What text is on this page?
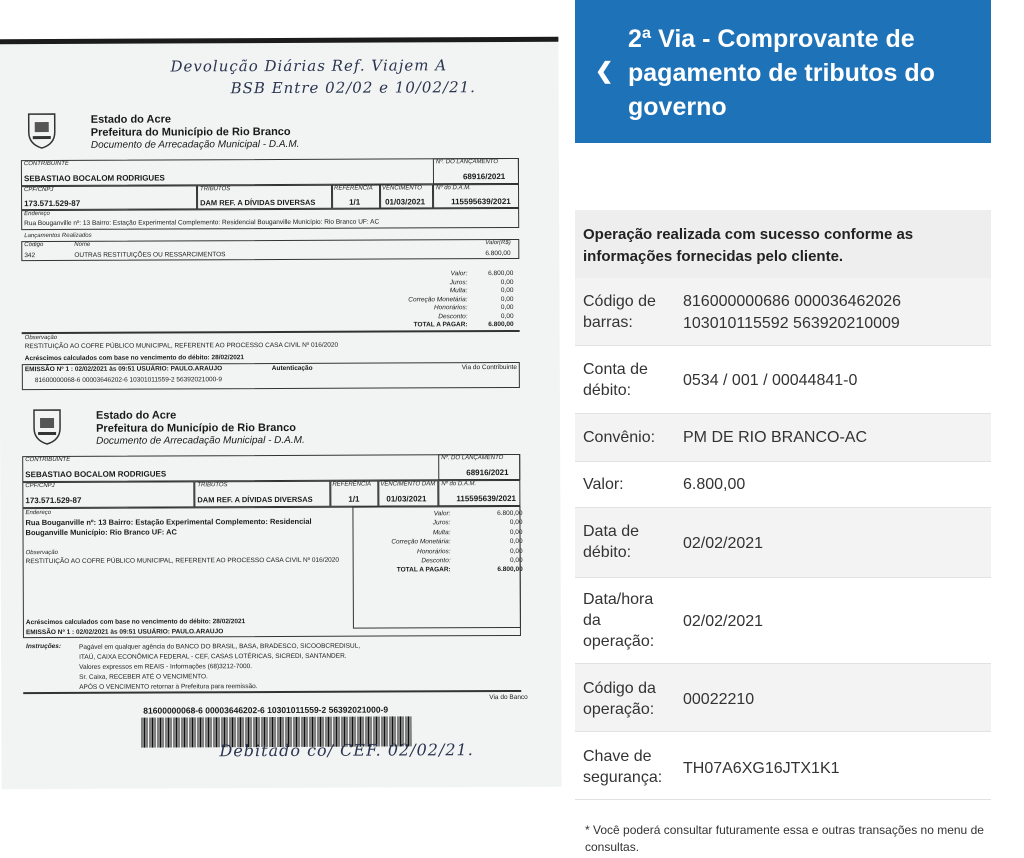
Devolução Diárias Ref. Viajem A
BSB Entre 02/02 e 10/02/21.
Estado do Acre
Prefeitura do Município de Rio Branco
Documento de Arrecadação Municipal - D.A.M.
CONTRIBUINTE	Nº. DO LANÇAMENTO
SEBASTIAO BOCALOM RODRIGUES	68916/2021
CPF/CNPJ	TRIBUTOS	REFERÊNCIA VENCIMENTO Nº do D.A.M.
173.571.529-87	DAM REF. A DÍVIDAS DIVERSAS	1/1	01/03/2021	115595639/2021
Endereço
Rua Bouganville nº: 13 Bairro: Estação Experimental Complemento: Residencial Bouganville Município: Rio Branco UF: AC
Lançamentos Realizados
Código	Nome	Valor(R$)
342	OUTRAS RESTITUIÇÕES OU RESSARCIMENTOS	6.800,00
Valor:	6.800,00
Juros:	0,00
Multa:	0,00
Correção Monetária:	0,00
Honorários:	0,00
Desconto:	0,00
TOTAL A PAGAR:	6.800,00
Observação
RESTITUIÇÃO AO COFRE PÚBLICO MUNICIPAL, REFERENTE AO PROCESSO CASA CIVIL Nº 016/2020
Acréscimos calculados com base no vencimento do débito: 28/02/2021
EMISSÃO Nº 1 : 02/02/2021 às 09:51 USUÁRIO: PAULO.ARAUJO	Autenticação	Via do Contribuinte
81600000068-6 00003646202-6 10301011559-2 56392021000-9
Estado do Acre
Prefeitura do Município de Rio Branco
Documento de Arrecadação Municipal - D.A.M.
CONTRIBUINTE	Nº. DO LANÇAMENTO
SEBASTIAO BOCALOM RODRIGUES	68916/2021
CPF/CNPJ	TRIBUTOS	REFERÊNCIA VENCIMENTO DAM Nº do D.A.M.
173.571.529-87	DAM REF. A DÍVIDAS DIVERSAS	1/1	01/03/2021	115595639/2021
Endereço
Rua Bouganville nº: 13 Bairro: Estação Experimental Complemento: Residencial
Bouganville Município: Rio Branco UF: AC
Observação
RESTITUIÇÃO AO COFRE PÚBLICO MUNICIPAL, REFERENTE AO PROCESSO CASA CIVIL Nº 016/2020
Valor:	6.800,00
Juros:	0,00
Multa:	0,00
Correção Monetária:	0,00
Honorários:	0,00
Desconto:	0,00
TOTAL A PAGAR:	6.800,00
Acréscimos calculados com base no vencimento do débito: 28/02/2021
EMISSÃO Nº 1 : 02/02/2021 às 09:51 USUÁRIO: PAULO.ARAUJO
Instruções:	Pagável em qualquer agência do BANCO DO BRASIL, BASA, BRADESCO, SICOOBCREDISUL,
ITAÚ, CAIXA ECONÔMICA FEDERAL - CEF, CASAS LOTÉRICAS, SICREDI, SANTANDER.
Valores expressos em REAIS - Informações (68)3212-7000.
Sr. Caixa, RECEBER ATÉ O VENCIMENTO.
APÓS O VENCIMENTO retornar à Prefeitura para reemissão.
Via do Banco
81600000068-6 00003646202-6 10301011559-2 56392021000-9
Debitado co/ CEF. 02/02/21.
❮
2ª Via - Comprovante de pagamento de tributos do governo
Operação realizada com sucesso conforme as informações fornecidas pelo cliente.
Código de barras:
816000000686 000036462026
103010115592 563920210009
Conta de débito:
0534 / 001 / 00044841-0
Convênio:	PM DE RIO BRANCO-AC
Valor:	6.800,00
Data de débito:
02/02/2021
Data/hora da operação:
02/02/2021
Código da operação:
00022210
Chave de segurança:
TH07A6XG16JTX1K1
* Você poderá consultar futuramente essa e outras transações no menu de consultas.
